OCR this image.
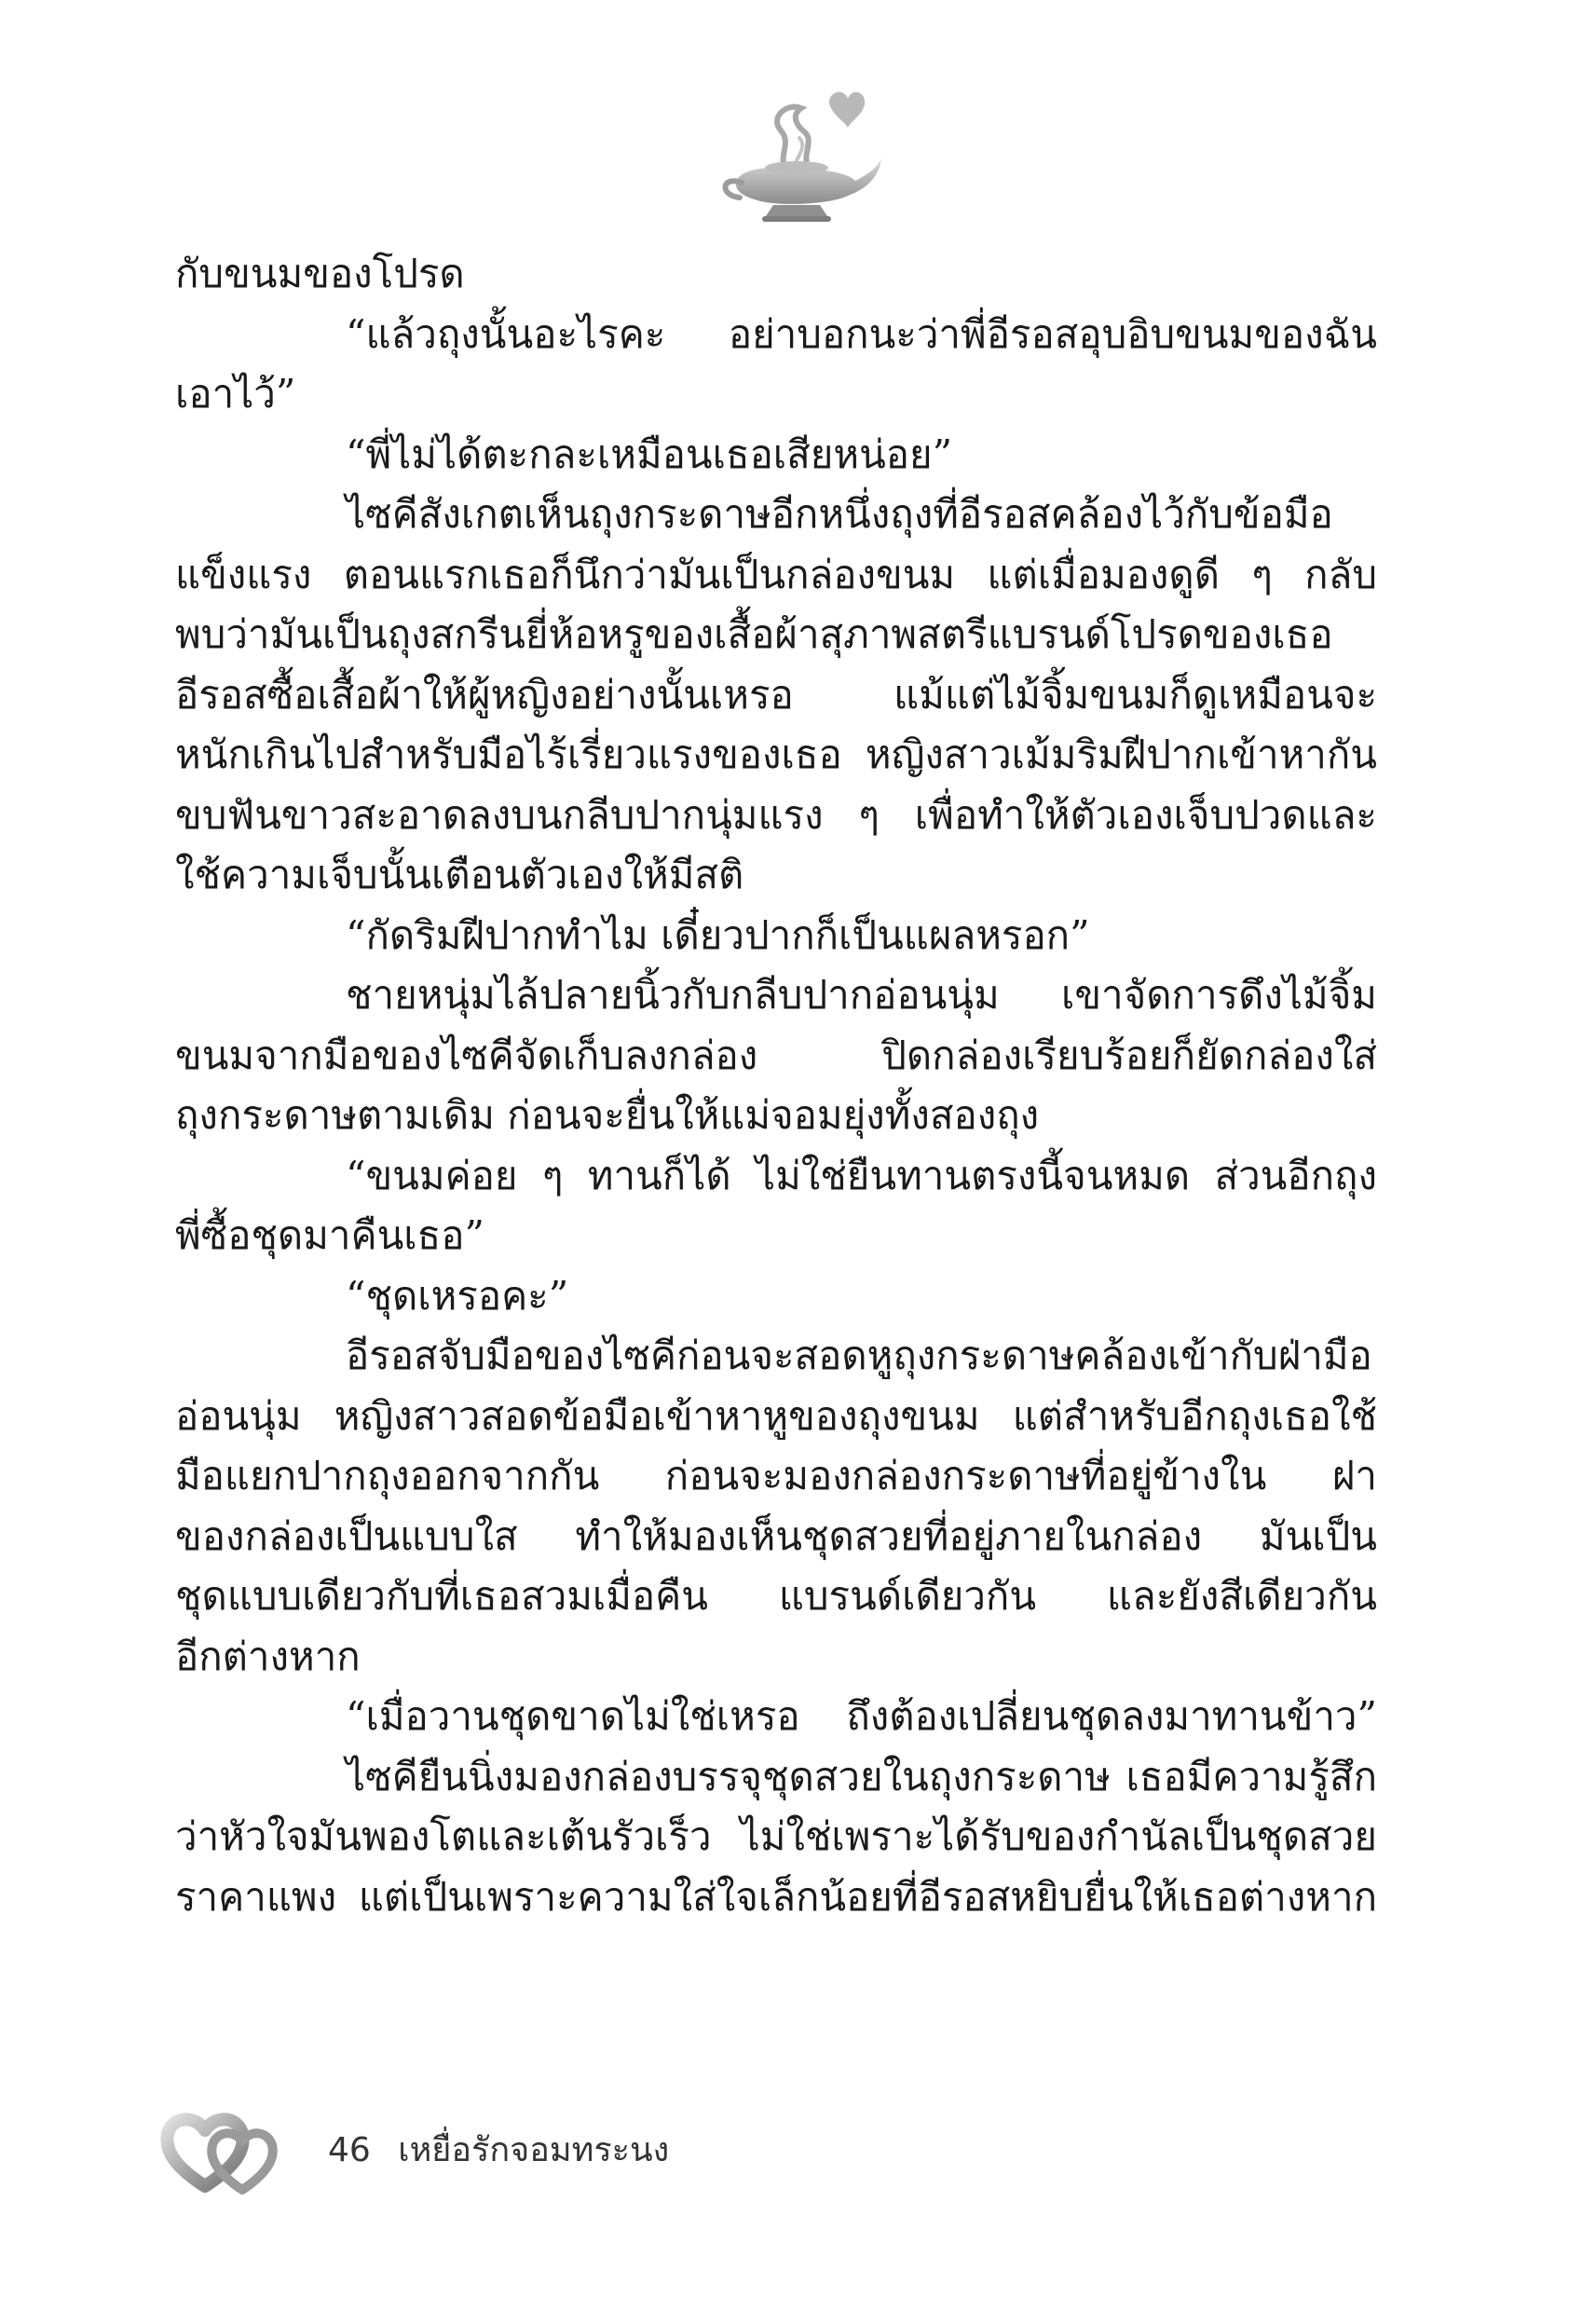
กับขนมของโปรด
“แล้วถุงนั้นอะไรคะ อย่าบอกนะว่าพี่อีรอสอุบอิบขนมของฉัน
เอาไว้”
“พี่ไม่ได้ตะกละเหมือนเธอเสียหน่อย”
ไซคีสังเกตเห็นถุงกระดาษอีกหนึ่งถุงที่อีรอสคล้องไว้กับข้อมือ
แข็งแรง ตอนแรกเธอก็นึกว่ามันเป็นกล่องขนม แต่เมื่อมองดูดี ๆ กลับ
พบว่ามันเป็นถุงสกรีนยี่ห้อหรูของเสื้อผ้าสุภาพสตรีแบรนด์โปรดของเธอ
อีรอสซื้อเสื้อผ้าให้ผู้หญิงอย่างนั้นเหรอ แม้แต่ไม้จิ้มขนมก็ดูเหมือนจะ
หนักเกินไปสำหรับมือไร้เรี่ยวแรงของเธอ หญิงสาวเม้มริมฝีปากเข้าหากัน
ขบฟันขาวสะอาดลงบนกลีบปากนุ่มแรง ๆ เพื่อทำให้ตัวเองเจ็บปวดและ
ใช้ความเจ็บนั้นเตือนตัวเองให้มีสติ
“กัดริมฝีปากทำไม เดี๋ยวปากก็เป็นแผลหรอก”
ชายหนุ่มไล้ปลายนิ้วกับกลีบปากอ่อนนุ่ม เขาจัดการดึงไม้จิ้ม
ขนมจากมือของไซคีจัดเก็บลงกล่อง ปิดกล่องเรียบร้อยก็ยัดกล่องใส่
ถุงกระดาษตามเดิม ก่อนจะยื่นให้แม่จอมยุ่งทั้งสองถุง
“ขนมค่อย ๆ ทานก็ได้ ไม่ใช่ยืนทานตรงนี้จนหมด ส่วนอีกถุง
พี่ซื้อชุดมาคืนเธอ”
“ชุดเหรอคะ”
อีรอสจับมือของไซคีก่อนจะสอดหูถุงกระดาษคล้องเข้ากับฝ่ามือ
อ่อนนุ่ม หญิงสาวสอดข้อมือเข้าหาหูของถุงขนม แต่สำหรับอีกถุงเธอใช้
มือแยกปากถุงออกจากกัน ก่อนจะมองกล่องกระดาษที่อยู่ข้างใน ฝา
ของกล่องเป็นแบบใส ทำให้มองเห็นชุดสวยที่อยู่ภายในกล่อง มันเป็น
ชุดแบบเดียวกับที่เธอสวมเมื่อคืน แบรนด์เดียวกัน และยังสีเดียวกัน
อีกต่างหาก
“เมื่อวานชุดขาดไม่ใช่เหรอ ถึงต้องเปลี่ยนชุดลงมาทานข้าว”
ไซคียืนนิ่งมองกล่องบรรจุชุดสวยในถุงกระดาษ เธอมีความรู้สึก
ว่าหัวใจมันพองโตและเต้นรัวเร็ว ไม่ใช่เพราะได้รับของกำนัลเป็นชุดสวย
ราคาแพง แต่เป็นเพราะความใส่ใจเล็กน้อยที่อีรอสหยิบยื่นให้เธอต่างหาก
46 เหยื่อรักจอมทระนง
